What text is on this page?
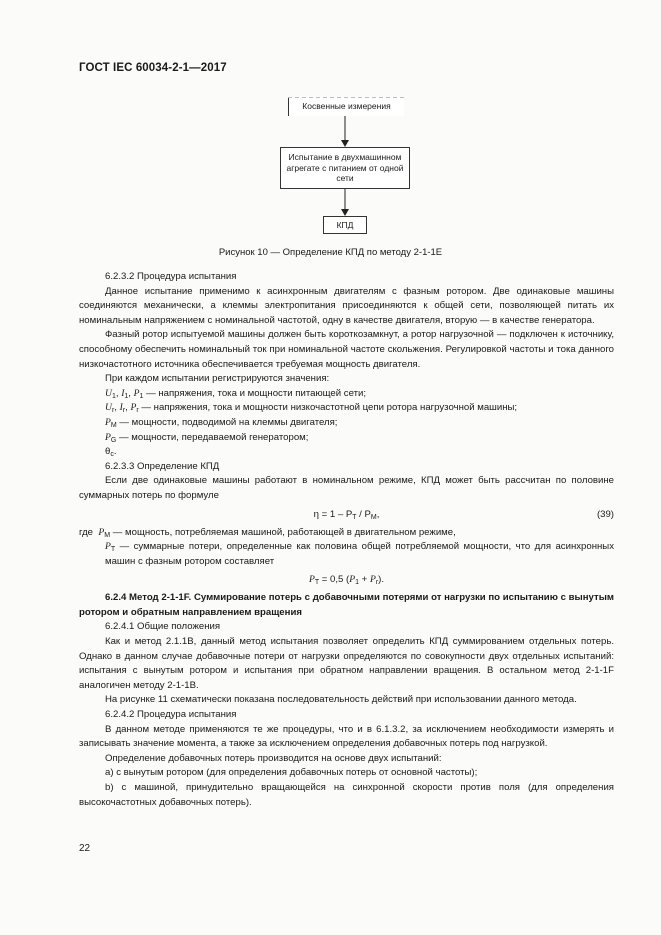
ГОСТ IEC 60034-2-1—2017
Косвенные измерения
Испытание в двухмашинном агрегате с питанием от одной сети
КПД
Рисунок 10 — Определение КПД по методу 2-1-1E

6.2.3.2 Процедура испытания

Данное испытание применимо к асинхронным двигателям с фазным ротором. Две одинаковые машины соединяются механически, а клеммы электропитания присоединяются к общей сети, позволяющей питать их номинальным напряжением с номинальной частотой, одну в качестве двигателя, вторую — в качестве генератора.

Фазный ротор испытуемой машины должен быть короткозамкнут, а ротор нагрузочной — подключен к источнику, способному обеспечить номинальный ток при номинальной частоте скольжения. Регулировкой частоты и тока данного низкочастотного источника обеспечивается требуемая мощность двигателя.

При каждом испытании регистрируются значения:

$U_1$, $I_1$, $P_1$ — напряжения, тока и мощности питающей сети;

$U_r$, $I_r$, $P_r$ — напряжения, тока и мощности низкочастотной цепи ротора нагрузочной машины;

$P_M$ — мощности, подводимой на клеммы двигателя;

$P_G$ — мощности, передаваемой генератором;

$\theta_c$.

6.2.3.3 Определение КПД

Если две одинаковые машины работают в номинальном режиме, КПД может быть рассчитан по половине суммарных потерь по формуле

$\eta = 1 - P_T / P_M$,	(39)

где $P_M$ — мощность, потребляемая машиной, работающей в двигательном режиме,

$P_T$ — суммарные потери, определенные как половина общей потребляемой мощности, что для асинхронных машин с фазным ротором составляет

$P_T = 0,5$ $(P_1 + P_r)$.

6.2.4 Метод 2-1-1F. Суммирование потерь с добавочными потерями от нагрузки по испытанию с вынутым ротором и обратным направлением вращения

6.2.4.1 Общие положения

Как и метод 2.1.1В, данный метод испытания позволяет определить КПД суммированием отдельных потерь. Однако в данном случае добавочные потери от нагрузки определяются по совокупности двух отдельных испытаний: испытания с вынутым ротором и испытания при обратном направлении вращения. В остальном метод 2-1-1F аналогичен методу 2-1-1В.

На рисунке 11 схематически показана последовательность действий при использовании данного метода.

6.2.4.2 Процедура испытания

В данном методе применяются те же процедуры, что и в 6.1.3.2, за исключением необходимости измерять и записывать значение момента, а также за исключением определения добавочных потерь под нагрузкой.

Определение добавочных потерь производится на основе двух испытаний:

а) с вынутым ротором (для определения добавочных потерь от основной частоты);

b) с машиной, принудительно вращающейся на синхронной скорости против поля (для определения высокочастотных добавочных потерь).

22
